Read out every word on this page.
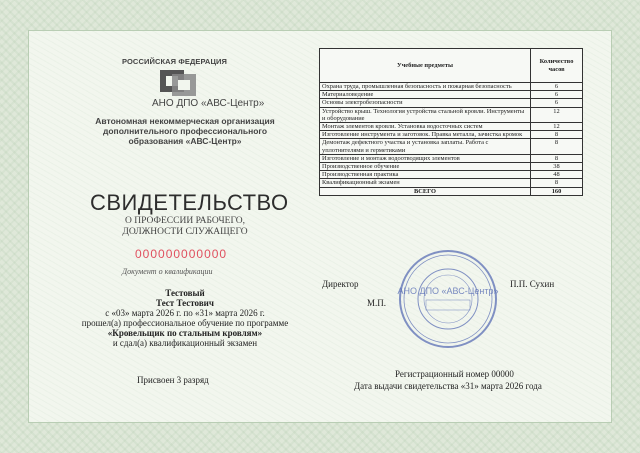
РОССИЙСКАЯ ФЕДЕРАЦИЯ
АНО ДПО «АВС-Центр»
Автономная некоммерческая организация дополнительного профессионального образования «АВС-Центр»
СВИДЕТЕЛЬСТВО
О ПРОФЕССИИ РАБОЧЕГО, ДОЛЖНОСТИ СЛУЖАЩЕГО
000000000000
Документ о квалификации
Тестовый
Тест Тестович
с «03» марта 2026 г. по «31» марта 2026 г.
прошел(а) профессиональное обучение по программе
«Кровельщик по стальным кровлям»
и сдал(а) квалификационный экзамен
Присвоен 3 разряд
Учебные предметы	Количество часов
Охрана труда, промышленная безопасность и пожарная безопасность	6
Материаловедение	6
Основы электробезопасности	6
Устройство крыш. Технология устройства стальной кровли. Инструменты и оборудование	12
Монтаж элементов кровли. Установка водосточных систем	12
Изготовление инструмента и заготовок. Правка металла, зачистка кромок	8
Демонтаж дефектного участка и установка заплаты. Работа с уплотнителями и герметиками	8
Изготовление и монтаж водоотводящих элементов	8
Производственное обучение	38
Производственная практика	48
Квалификационный экзамен	8
ВСЕГО	160
АНО ДПО «АВС-Центр»
Директор	П.П. Сухин
М.П.
Регистрационный номер 00000
Дата выдачи свидетельства «31» марта 2026 года
